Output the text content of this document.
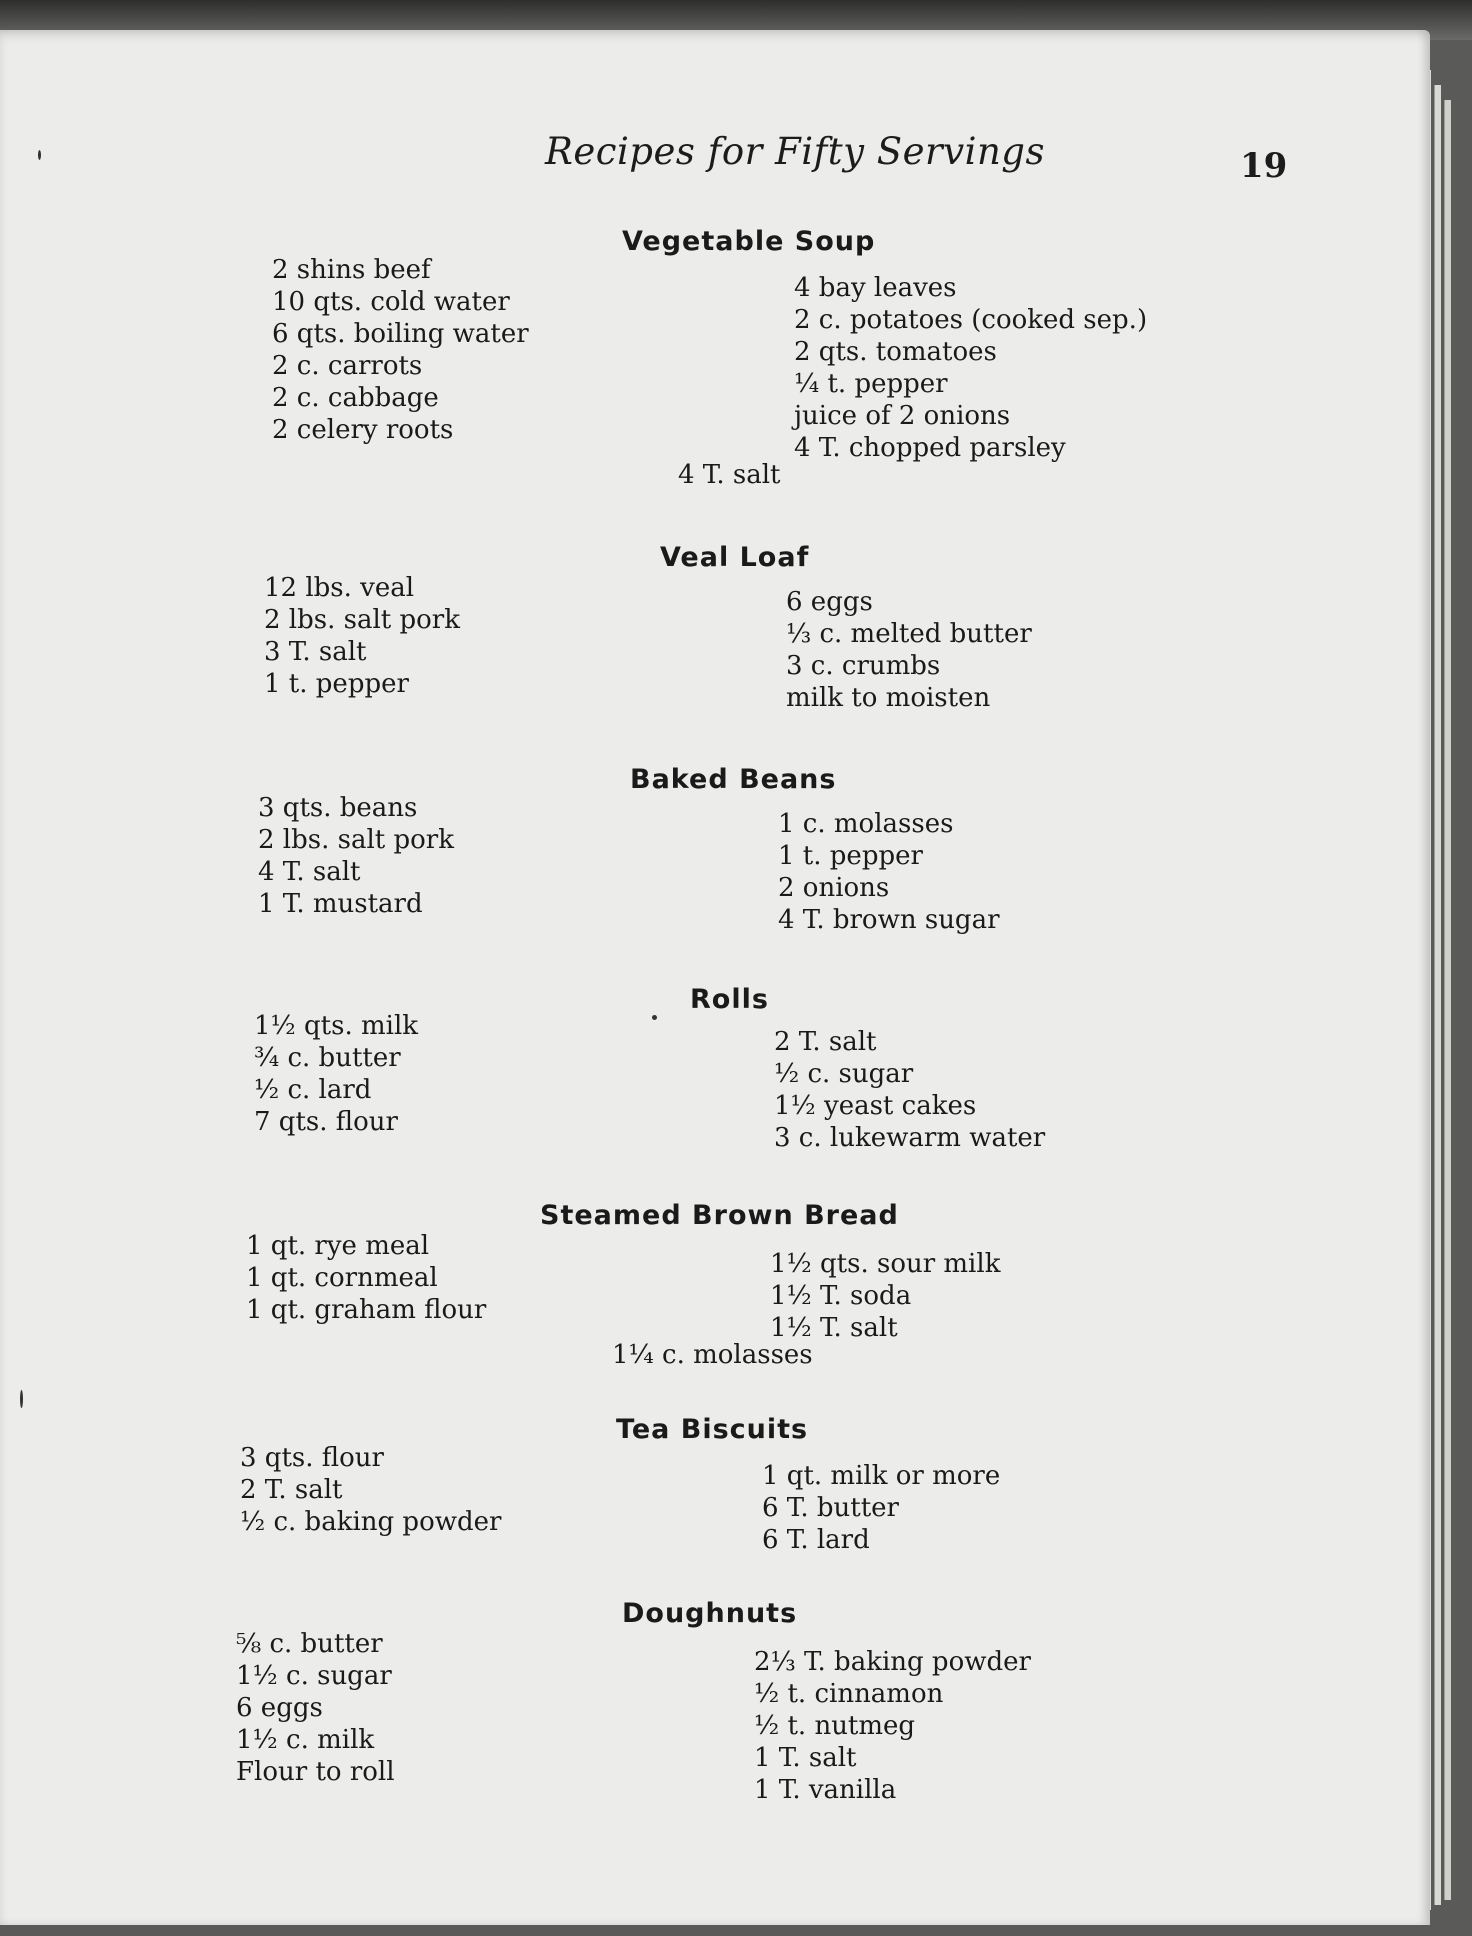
Recipes for Fifty Servings	19
Vegetable Soup
2 shins beef
10 qts. cold water
6 qts. boiling water
2 c. carrots
2 c. cabbage
2 celery roots
4 bay leaves
2 c. potatoes (cooked sep.)
2 qts. tomatoes
¼ t. pepper
juice of 2 onions
4 T. chopped parsley
4 T. salt
Veal Loaf
12 lbs. veal
2 lbs. salt pork
3 T. salt
1 t. pepper
6 eggs
⅓ c. melted butter
3 c. crumbs
milk to moisten
Baked Beans
3 qts. beans
2 lbs. salt pork
4 T. salt
1 T. mustard
1 c. molasses
1 t. pepper
2 onions
4 T. brown sugar
Rolls
1½ qts. milk
¾ c. butter
½ c. lard
7 qts. flour
2 T. salt
½ c. sugar
1½ yeast cakes
3 c. lukewarm water
Steamed Brown Bread
1 qt. rye meal
1 qt. cornmeal
1 qt. graham flour
1½ qts. sour milk
1½ T. soda
1½ T. salt
1¼ c. molasses
Tea Biscuits
3 qts. flour
2 T. salt
½ c. baking powder
1 qt. milk or more
6 T. butter
6 T. lard
Doughnuts
⅝ c. butter
1½ c. sugar
6 eggs
1½ c. milk
Flour to roll
2⅓ T. baking powder
½ t. cinnamon
½ t. nutmeg
1 T. salt
1 T. vanilla
